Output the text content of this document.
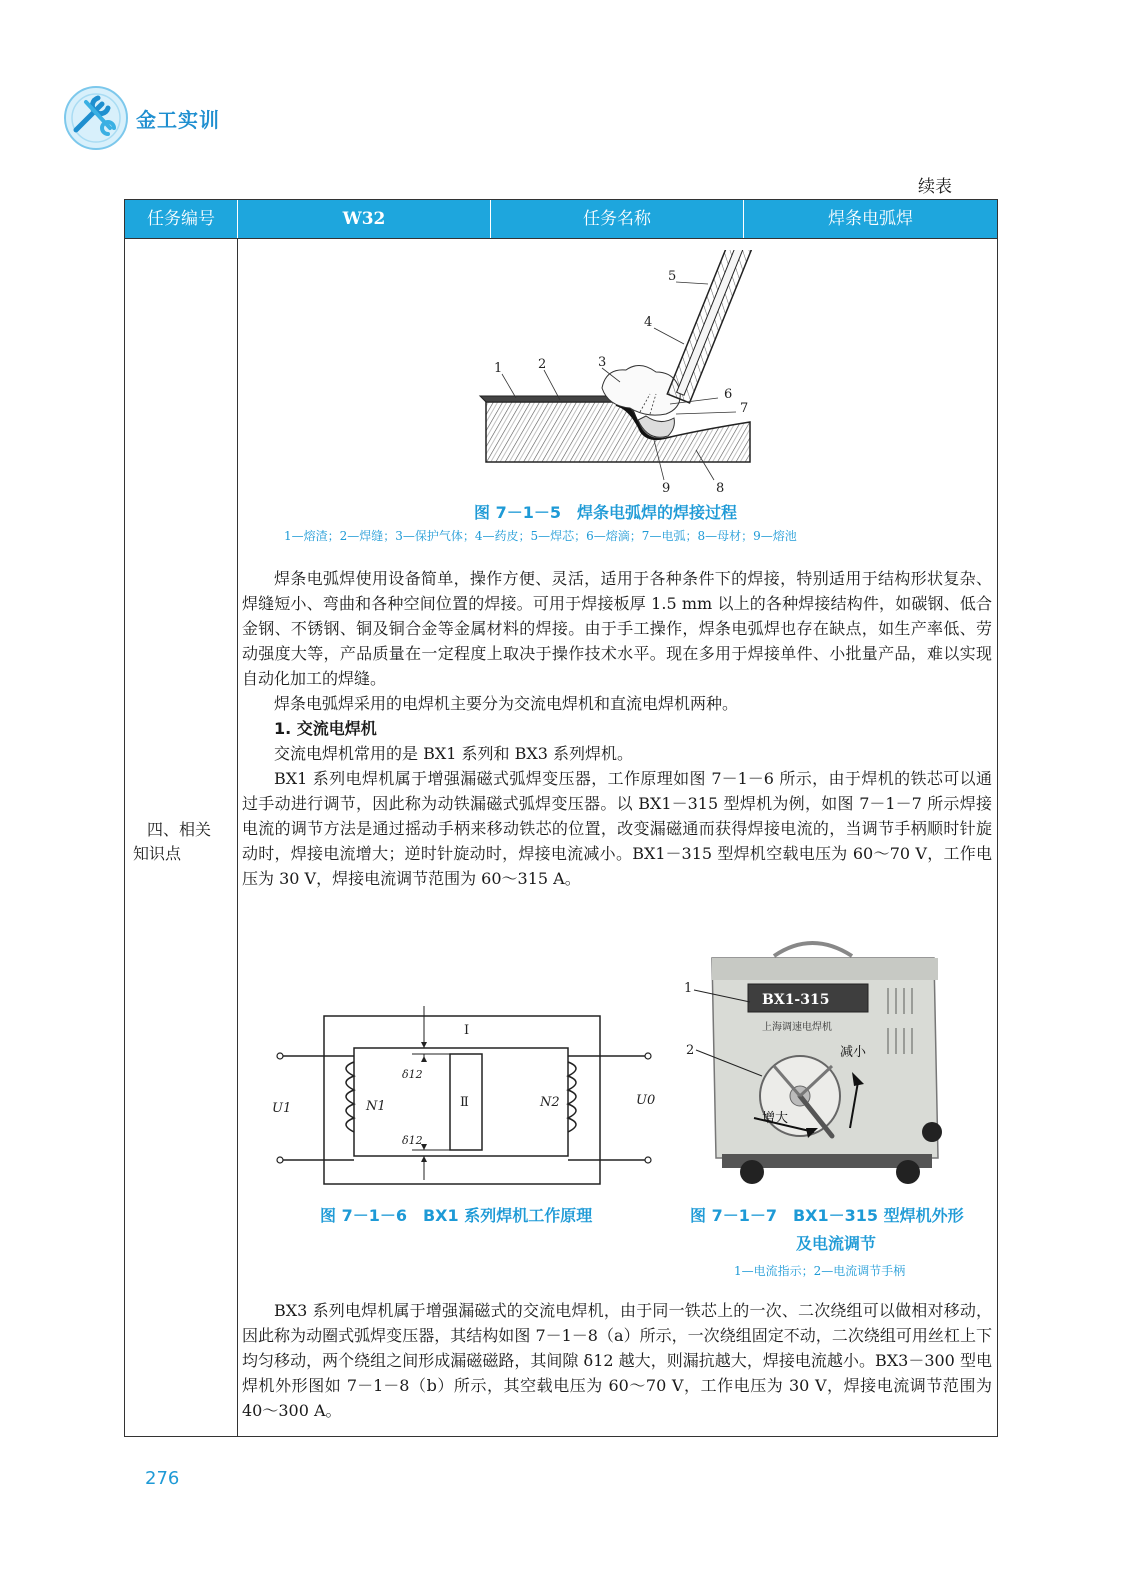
金工实训
续表
任务编号	W32	任务名称	焊条电弧焊
四、相关
知识点
1	2	3
4
5
6
7
8
9
图 7－1－5　焊条电弧焊的焊接过程
1—熔渣；2—焊缝；3—保护气体；4—药皮；5—焊芯；6—熔滴；7—电弧；8—母材；9—熔池

焊条电弧焊使用设备简单，操作方便、灵活，适用于各种条件下的焊接，特别适用于结构形状复杂、焊缝短小、弯曲和各种空间位置的焊接。可用于焊接板厚 1.5 mm 以上的各种焊接结构件，如碳钢、低合金钢、不锈钢、铜及铜合金等金属材料的焊接。由于手工操作，焊条电弧焊也存在缺点，如生产率低、劳动强度大等，产品质量在一定程度上取决于操作技术水平。现在多用于焊接单件、小批量产品，难以实现自动化加工的焊缝。

焊条电弧焊采用的电焊机主要分为交流电焊机和直流电焊机两种。

1. 交流电焊机

交流电焊机常用的是 BX1 系列和 BX3 系列焊机。

BX1 系列电焊机属于增强漏磁式弧焊变压器，工作原理如图 7－1－6 所示，由于焊机的铁芯可以通过手动进行调节，因此称为动铁漏磁式弧焊变压器。以 BX1－315 型焊机为例，如图 7－1－7 所示焊接电流的调节方法是通过摇动手柄来移动铁芯的位置，改变漏磁通而获得焊接电流的，当调节手柄顺时针旋动时，焊接电流增大；逆时针旋动时，焊接电流减小。BX1－315 型焊机空载电压为 60～70 V，工作电压为 30 V，焊接电流调节范围为 60～315 A。

Ⅰ
Ⅱ
U1
U0
N1	N2
δ12
δ12
图 7－1－6　BX1 系列焊机工作原理
BX1-315
上海调速电焊机
减小
增大
1
2
图 7－1－7　BX1－315 型焊机外形
及电流调节
1—电流指示；2—电流调节手柄

BX3 系列电焊机属于增强漏磁式的交流电焊机，由于同一铁芯上的一次、二次绕组可以做相对移动，因此称为动圈式弧焊变压器，其结构如图 7－1－8（a）所示，一次绕组固定不动，二次绕组可用丝杠上下均匀移动，两个绕组之间形成漏磁磁路，其间隙 δ12 越大，则漏抗越大，焊接电流越小。BX3－300 型电焊机外形图如 7－1－8（b）所示，其空载电压为 60～70 V，工作电压为 30 V，焊接电流调节范围为 40～300 A。

276
